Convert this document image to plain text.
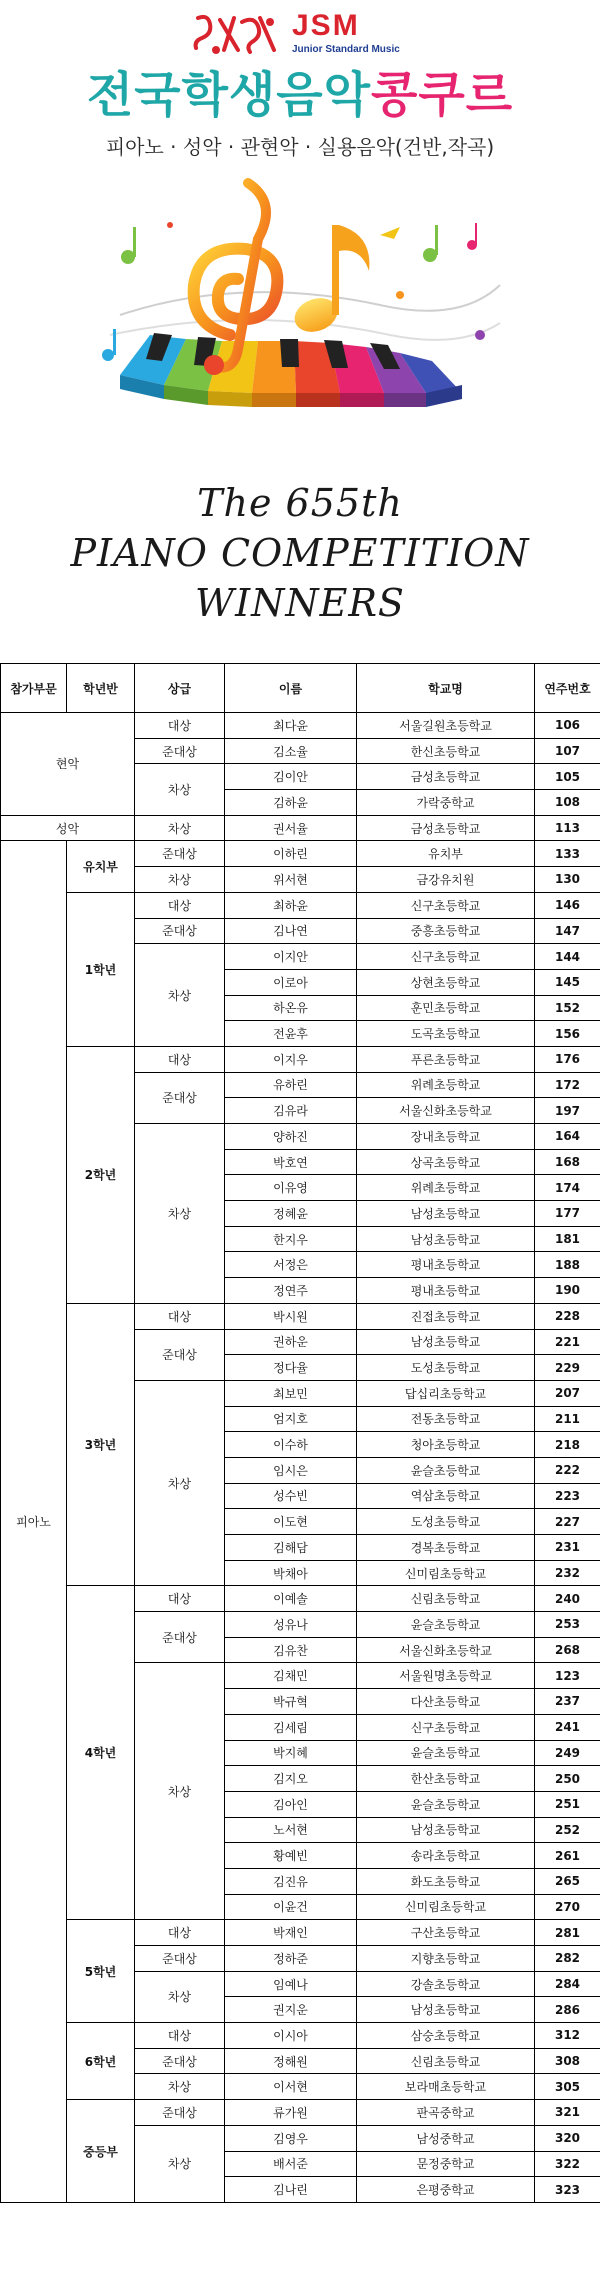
JSM
Junior Standard Music
전국학생음악콩쿠르
피아노 · 성악 · 관현악 · 실용음악(건반,작곡)
The 655th
PIANO COMPETITION
WINNERS
참가부문	학년반	상급	이름	학교명	연주번호
현악		대상	최다윤	서울길원초등학교	106
		준대상	김소율	한신초등학교	107
		차상	김이안	금성초등학교	105
			김하윤	가락중학교	108
성악		차상	권서율	금성초등학교	113
피아노	유치부	준대상	이하린	유치부	133
		차상	위서현	금강유치원	130
	1학년	대상	최하윤	신구초등학교	146
		준대상	김나연	중흥초등학교	147
		차상	이지안	신구초등학교	144
			이로아	상현초등학교	145
			하온유	훈민초등학교	152
			전윤후	도곡초등학교	156
	2학년	대상	이지우	푸른초등학교	176
		준대상	유하린	위례초등학교	172
			김유라	서울신화초등학교	197
		차상	양하진	장내초등학교	164
			박호연	상곡초등학교	168
			이유영	위례초등학교	174
			정혜윤	남성초등학교	177
			한지우	남성초등학교	181
			서정은	평내초등학교	188
			정연주	평내초등학교	190
	3학년	대상	박시원	진접초등학교	228
		준대상	권하운	남성초등학교	221
			정다율	도성초등학교	229
		차상	최보민	답십리초등학교	207
			엄지호	전동초등학교	211
			이수하	청아초등학교	218
			임시은	윤슬초등학교	222
			성수빈	역삼초등학교	223
			이도현	도성초등학교	227
			김해담	경복초등학교	231
			박채아	신미림초등학교	232
	4학년	대상	이예솔	신림초등학교	240
		준대상	성유나	윤슬초등학교	253
			김유찬	서울신화초등학교	268
		차상	김채민	서울원명초등학교	123
			박규혁	다산초등학교	237
			김세림	신구초등학교	241
			박지혜	윤슬초등학교	249
			김지오	한산초등학교	250
			김아인	윤슬초등학교	251
			노서현	남성초등학교	252
			황예빈	송라초등학교	261
			김진유	화도초등학교	265
			이윤건	신미림초등학교	270
	5학년	대상	박재인	구산초등학교	281
		준대상	정하준	지향초등학교	282
		차상	임예나	강솔초등학교	284
			권지운	남성초등학교	286
	6학년	대상	이시아	삼숭초등학교	312
		준대상	정해원	신림초등학교	308
		차상	이서현	보라매초등학교	305
	중등부	준대상	류가원	판곡중학교	321
		차상	김영우	남성중학교	320
			배서준	문정중학교	322
			김나린	은평중학교	323
